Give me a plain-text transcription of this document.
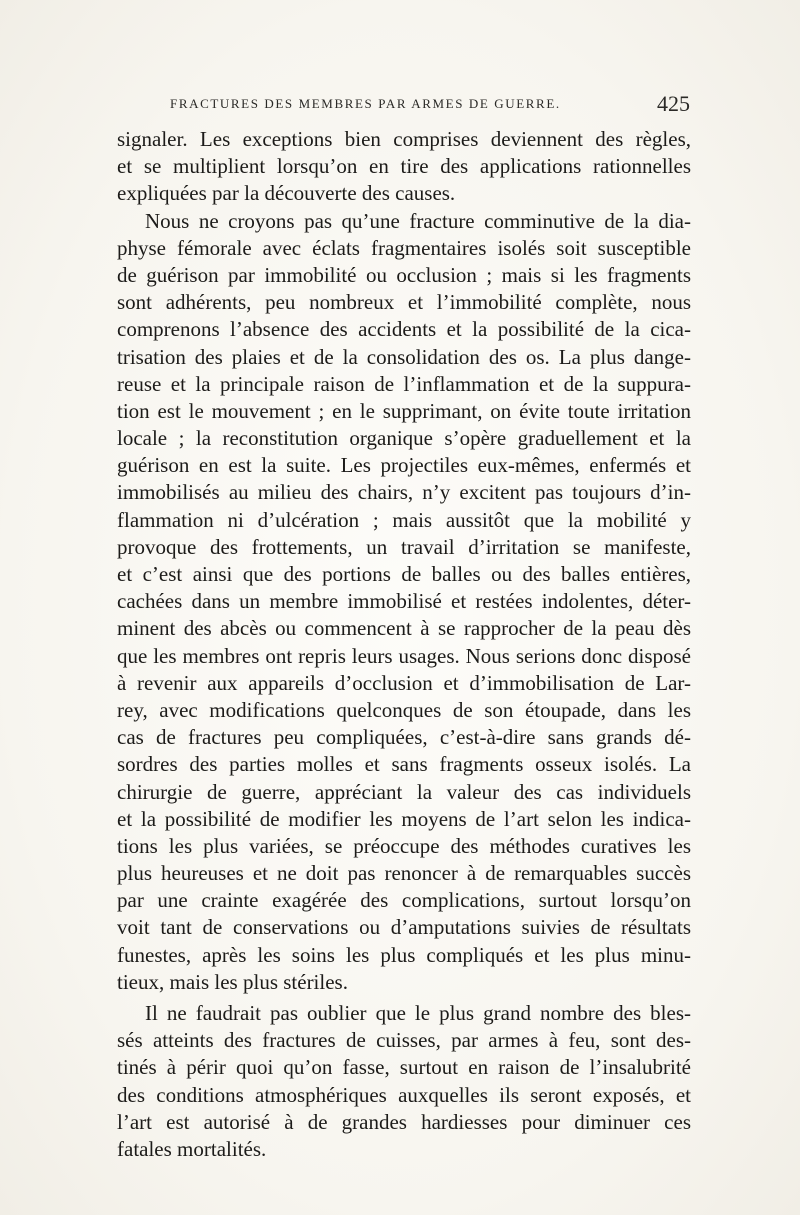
FRACTURES DES MEMBRES PAR ARMES DE GUERRE.	425
signaler. Les exceptions bien comprises deviennent des règles,
et se multiplient lorsqu’on en tire des applications rationnelles
expliquées par la découverte des causes.
Nous ne croyons pas qu’une fracture comminutive de la dia-
physe fémorale avec éclats fragmentaires isolés soit susceptible
de guérison par immobilité ou occlusion ; mais si les fragments
sont adhérents, peu nombreux et l’immobilité complète, nous
comprenons l’absence des accidents et la possibilité de la cica-
trisation des plaies et de la consolidation des os. La plus dange-
reuse et la principale raison de l’inflammation et de la suppura-
tion est le mouvement ; en le supprimant, on évite toute irritation
locale ; la reconstitution organique s’opère graduellement et la
guérison en est la suite. Les projectiles eux-mêmes, enfermés et
immobilisés au milieu des chairs, n’y excitent pas toujours d’in-
flammation ni d’ulcération ; mais aussitôt que la mobilité y
provoque des frottements, un travail d’irritation se manifeste,
et c’est ainsi que des portions de balles ou des balles entières,
cachées dans un membre immobilisé et restées indolentes, déter-
minent des abcès ou commencent à se rapprocher de la peau dès
que les membres ont repris leurs usages. Nous serions donc disposé
à revenir aux appareils d’occlusion et d’immobilisation de Lar-
rey, avec modifications quelconques de son étoupade, dans les
cas de fractures peu compliquées, c’est-à-dire sans grands dé-
sordres des parties molles et sans fragments osseux isolés. La
chirurgie de guerre, appréciant la valeur des cas individuels
et la possibilité de modifier les moyens de l’art selon les indica-
tions les plus variées, se préoccupe des méthodes curatives les
plus heureuses et ne doit pas renoncer à de remarquables succès
par une crainte exagérée des complications, surtout lorsqu’on
voit tant de conservations ou d’amputations suivies de résultats
funestes, après les soins les plus compliqués et les plus minu-
tieux, mais les plus stériles.
Il ne faudrait pas oublier que le plus grand nombre des bles-
sés atteints des fractures de cuisses, par armes à feu, sont des-
tinés à périr quoi qu’on fasse, surtout en raison de l’insalubrité
des conditions atmosphériques auxquelles ils seront exposés, et
l’art est autorisé à de grandes hardiesses pour diminuer ces
fatales mortalités.
